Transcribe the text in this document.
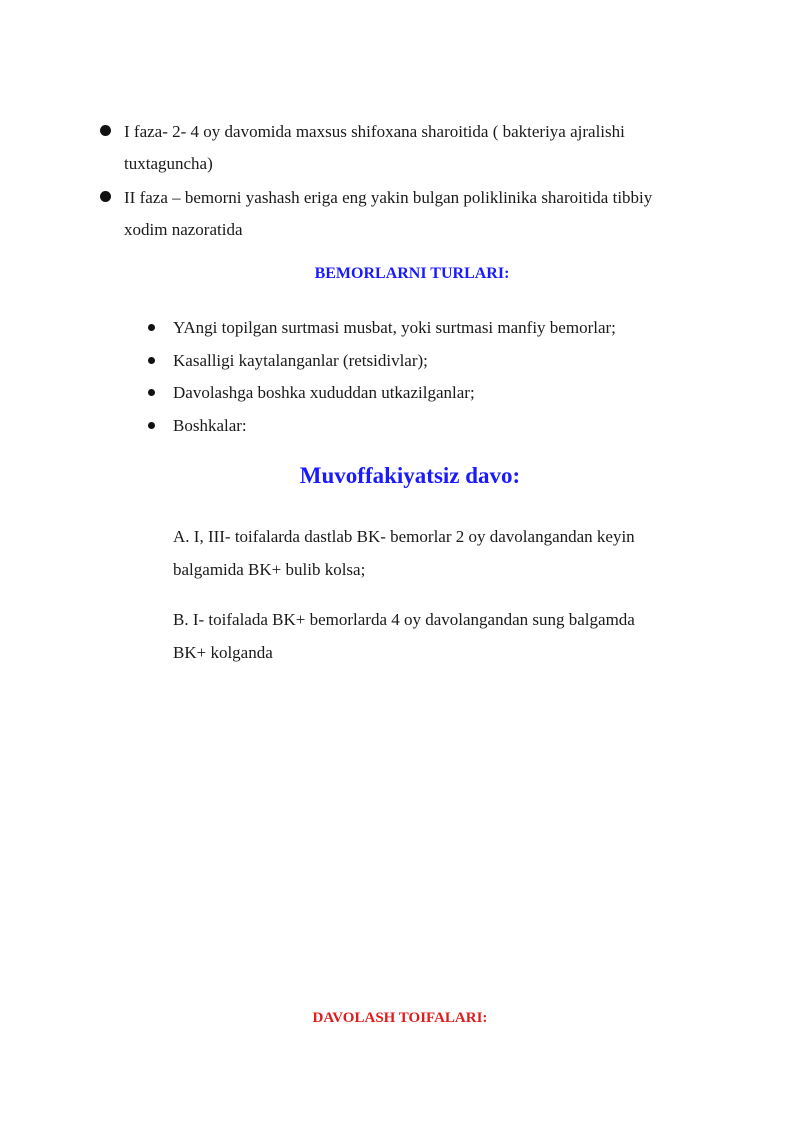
I faza- 2- 4 oy davomida maxsus shifoxana sharoitida ( bakteriya ajralishi
tuxtaguncha)
II faza – bemorni yashash eriga eng yakin bulgan poliklinika sharoitida tibbiy
xodim nazoratida
BEMORLARNI TURLARI:
YAngi topilgan surtmasi musbat, yoki surtmasi manfiy bemorlar;
Kasalligi kaytalanganlar (retsidivlar);
Davolashga boshka xududdan utkazilganlar;
Boshkalar:
Muvoffakiyatsiz davo:

A. I, III- toifalarda dastlab BK- bemorlar 2 oy davolangandan keyin
balgamida BK+ bulib kolsa;

B. I- toifalada BK+ bemorlarda 4 oy davolangandan sung balgamda
BK+ kolganda

DAVOLASH TOIFALARI:
